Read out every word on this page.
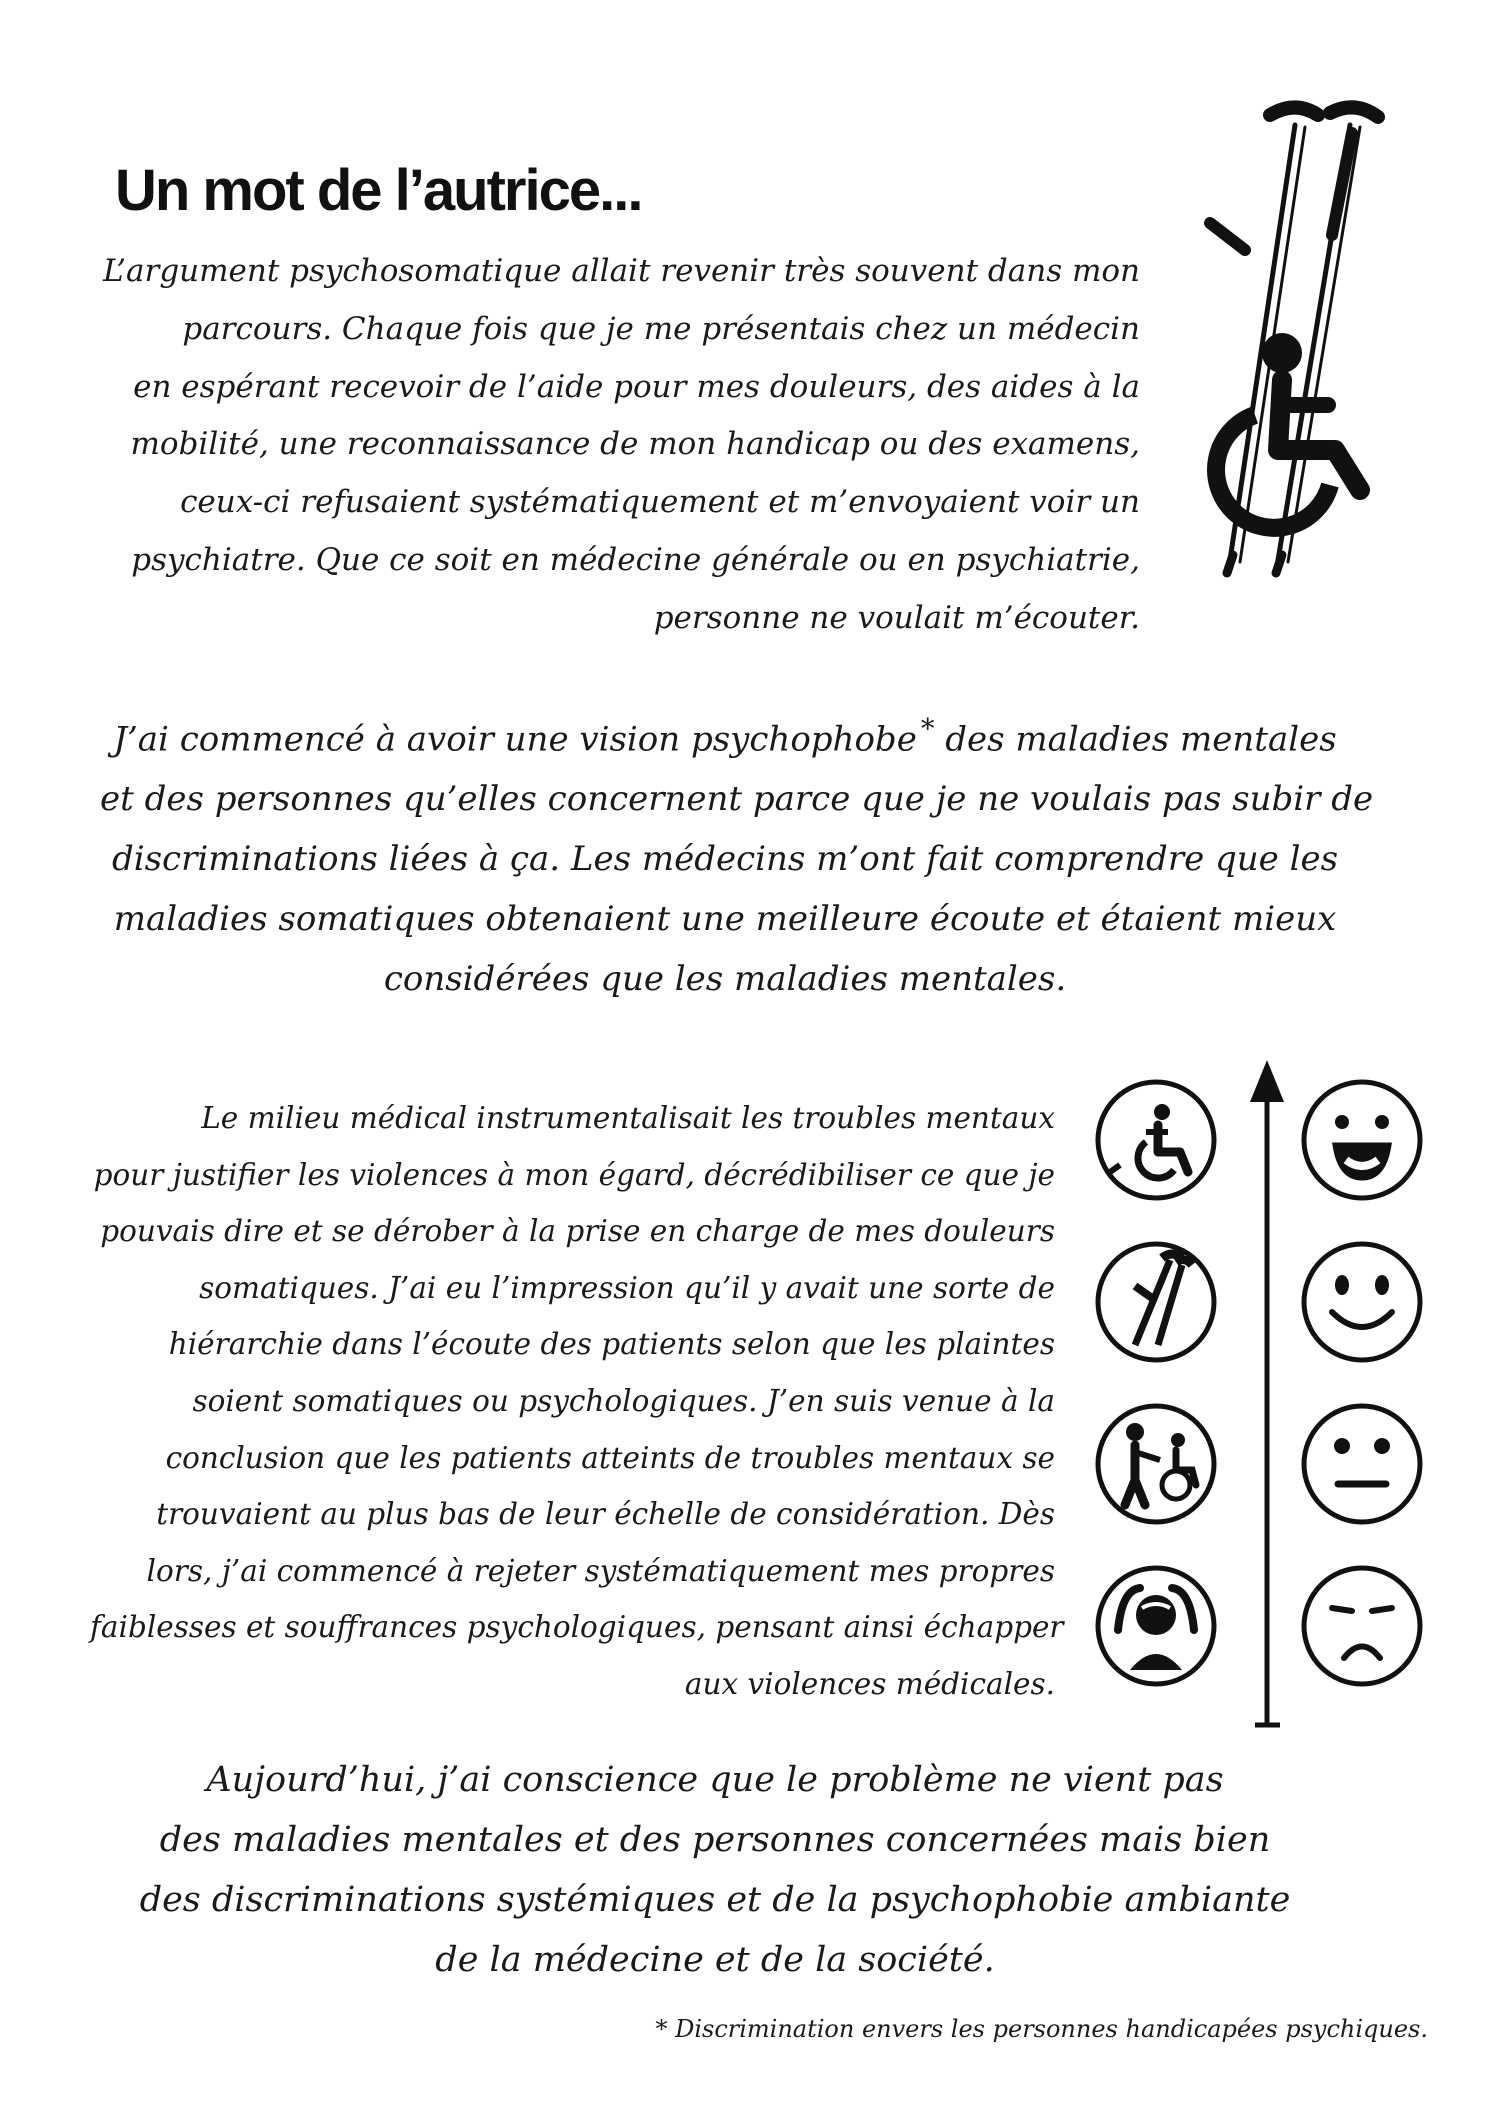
Un mot de l’autrice...

L’argument psychosomatique allait revenir très souvent dans mon
parcours. Chaque fois que je me présentais chez un médecin
en espérant recevoir de l’aide pour mes douleurs, des aides à la
mobilité, une reconnaissance de mon handicap ou des examens,
ceux-ci refusaient systématiquement et m’envoyaient voir un
psychiatre. Que ce soit en médecine générale ou en psychiatrie,
personne ne voulait m’écouter.

J’ai commencé à avoir une vision psychophobe * des maladies mentales
et des personnes qu’elles concernent parce que je ne voulais pas subir de
discriminations liées à ça. Les médecins m’ont fait comprendre que les
maladies somatiques obtenaient une meilleure écoute et étaient mieux
considérées que les maladies mentales.

Le milieu médical instrumentalisait les troubles mentaux
pour justifier les violences à mon égard, décrédibiliser ce que je
pouvais dire et se dérober à la prise en charge de mes douleurs
somatiques. J’ai eu l’impression qu’il y avait une sorte de
hiérarchie dans l’écoute des patients selon que les plaintes
soient somatiques ou psychologiques. J’en suis venue à la
conclusion que les patients atteints de troubles mentaux se
trouvaient au plus bas de leur échelle de considération. Dès
lors, j’ai commencé à rejeter systématiquement mes propres
faiblesses et souffrances psychologiques, pensant ainsi échapper
aux violences médicales.

Aujourd’hui, j’ai conscience que le problème ne vient pas
des maladies mentales et des personnes concernées mais bien
des discriminations systémiques et de la psychophobie ambiante
de la médecine et de la société.

* Discrimination envers les personnes handicapées psychiques.
